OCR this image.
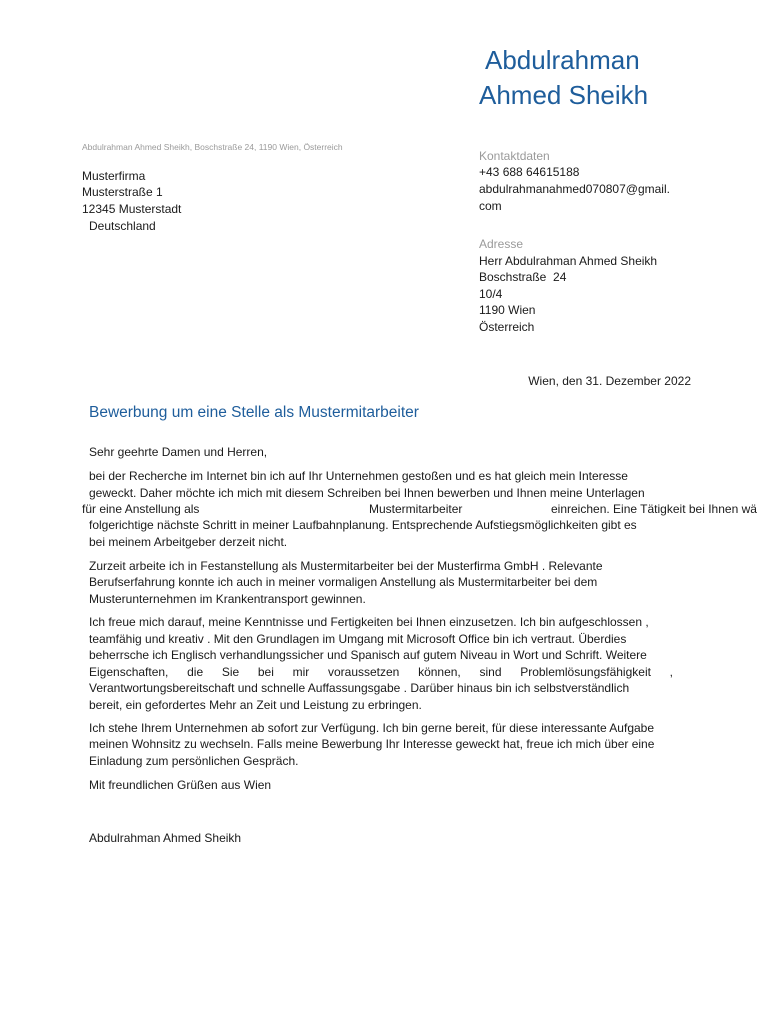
Abdulrahman
Ahmed Sheikh
Abdulrahman Ahmed Sheikh, Boschstraße 24, 1190 Wien, Österreich
Musterfirma
Musterstraße 1
12345 Musterstadt
Deutschland
Kontaktdaten
+43 688 64615188
abdulrahmanahmed070807@gmail.
com
Adresse
Herr Abdulrahman Ahmed Sheikh
Boschstraße  24
10/4
1190 Wien
Österreich
Wien, den 31. Dezember 2022
Bewerbung um eine Stelle als Mustermitarbeiter
Sehr geehrte Damen und Herren,
bei der Recherche im Internet bin ich auf Ihr Unternehmen gestoßen und es hat gleich mein Interesse
geweckt. Daher möchte ich mich mit diesem Schreiben bei Ihnen bewerben und Ihnen meine Unterlagen
für eine Anstellung als	Mustermitarbeiter	einreichen. Eine Tätigkeit bei Ihnen wä
folgerichtige nächste Schritt in meiner Laufbahnplanung. Entsprechende Aufstiegsmöglichkeiten gibt es
bei meinem Arbeitgeber derzeit nicht.
Zurzeit arbeite ich in Festanstellung als Mustermitarbeiter bei der Musterfirma GmbH . Relevante
Berufserfahrung konnte ich auch in meiner vormaligen Anstellung als Mustermitarbeiter bei dem
Musterunternehmen im Krankentransport gewinnen.
Ich freue mich darauf, meine Kenntnisse und Fertigkeiten bei Ihnen einzusetzen. Ich bin aufgeschlossen ,
teamfähig und kreativ . Mit den Grundlagen im Umgang mit Microsoft Office bin ich vertraut. Überdies
beherrsche ich Englisch verhandlungssicher und Spanisch auf gutem Niveau in Wort und Schrift. Weitere
Eigenschaften, die Sie bei mir voraussetzen können, sind Problemlösungsfähigkeit ,
Verantwortungsbereitschaft und schnelle Auffassungsgabe . Darüber hinaus bin ich selbstverständlich
bereit, ein gefordertes Mehr an Zeit und Leistung zu erbringen.
Ich stehe Ihrem Unternehmen ab sofort zur Verfügung. Ich bin gerne bereit, für diese interessante Aufgabe
meinen Wohnsitz zu wechseln. Falls meine Bewerbung Ihr Interesse geweckt hat, freue ich mich über eine
Einladung zum persönlichen Gespräch.
Mit freundlichen Grüßen aus Wien
Abdulrahman Ahmed Sheikh
